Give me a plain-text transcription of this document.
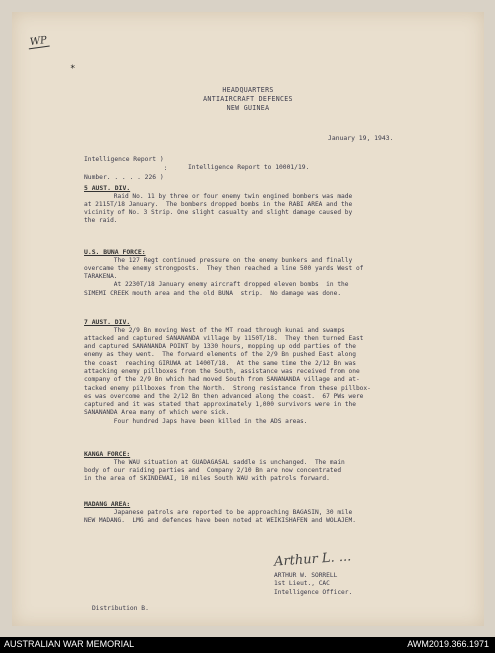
WP
*
HEADQUARTERS
ANTIAIRCRAFT DEFENCES
NEW GUINEA
January 19, 1943.
Intelligence Report )
:
Number. . . . . 226 )
Intelligence Report to 10001/19.
5 AUST. DIV.
Raid No. 11 by three or four enemy twin engined bombers was made
at 2115T/18 January.  The bombers dropped bombs in the RABI AREA and the
vicinity of No. 3 Strip. One slight casualty and slight damage caused by
the raid.
U.S. BUNA FORCE:
The 127 Regt continued pressure on the enemy bunkers and finally
overcame the enemy strongposts.  They then reached a line 500 yards West of
TARAKENA.
At 2230T/18 January enemy aircraft dropped eleven bombs  in the
SIMEMI CREEK mouth area and the old BUNA  strip.  No damage was done.
7 AUST. DIV.
The 2/9 Bn moving West of the MT road through kunai and swamps
attacked and captured SANANANDA village by 1150T/18.  They then turned East
and captured SANANANDA POINT by 1330 hours, mopping up odd parties of the
enemy as they went.  The forward elements of the 2/9 Bn pushed East along
the coast  reaching GIRUWA at 1400T/18.  At the same time the 2/12 Bn was
attacking enemy pillboxes from the South, assistance was received from one
company of the 2/9 Bn which had moved South from SANANANDA village and at-
tacked enemy pillboxes from the North.  Strong resistance from these pillbox-
es was overcome and the 2/12 Bn then advanced along the coast.  67 PWs were
captured and it was stated that approximately 1,000 survivors were in the
SANANANDA Area many of which were sick.
Four hundred Japs have been killed in the ADS areas.
KANGA FORCE:
The WAU situation at GUADAGASAL saddle is unchanged.  The main
body of our raiding parties and  Company 2/10 Bn are now concentrated
in the area of SKINDEWAI, 10 miles South WAU with patrols forward.
MADANG AREA:
Japanese patrols are reported to be approaching BAGASIN, 30 mile
NEW MADANG.  LMG and defences have been noted at WEIKISHAFEN and WOLAJEM.
Arthur L. ...
ARTHUR W. SORRELL
1st Lieut., CAC
Intelligence Officer.
Distribution B.
AUSTRALIAN WAR MEMORIAL	AWM2019.366.1971
